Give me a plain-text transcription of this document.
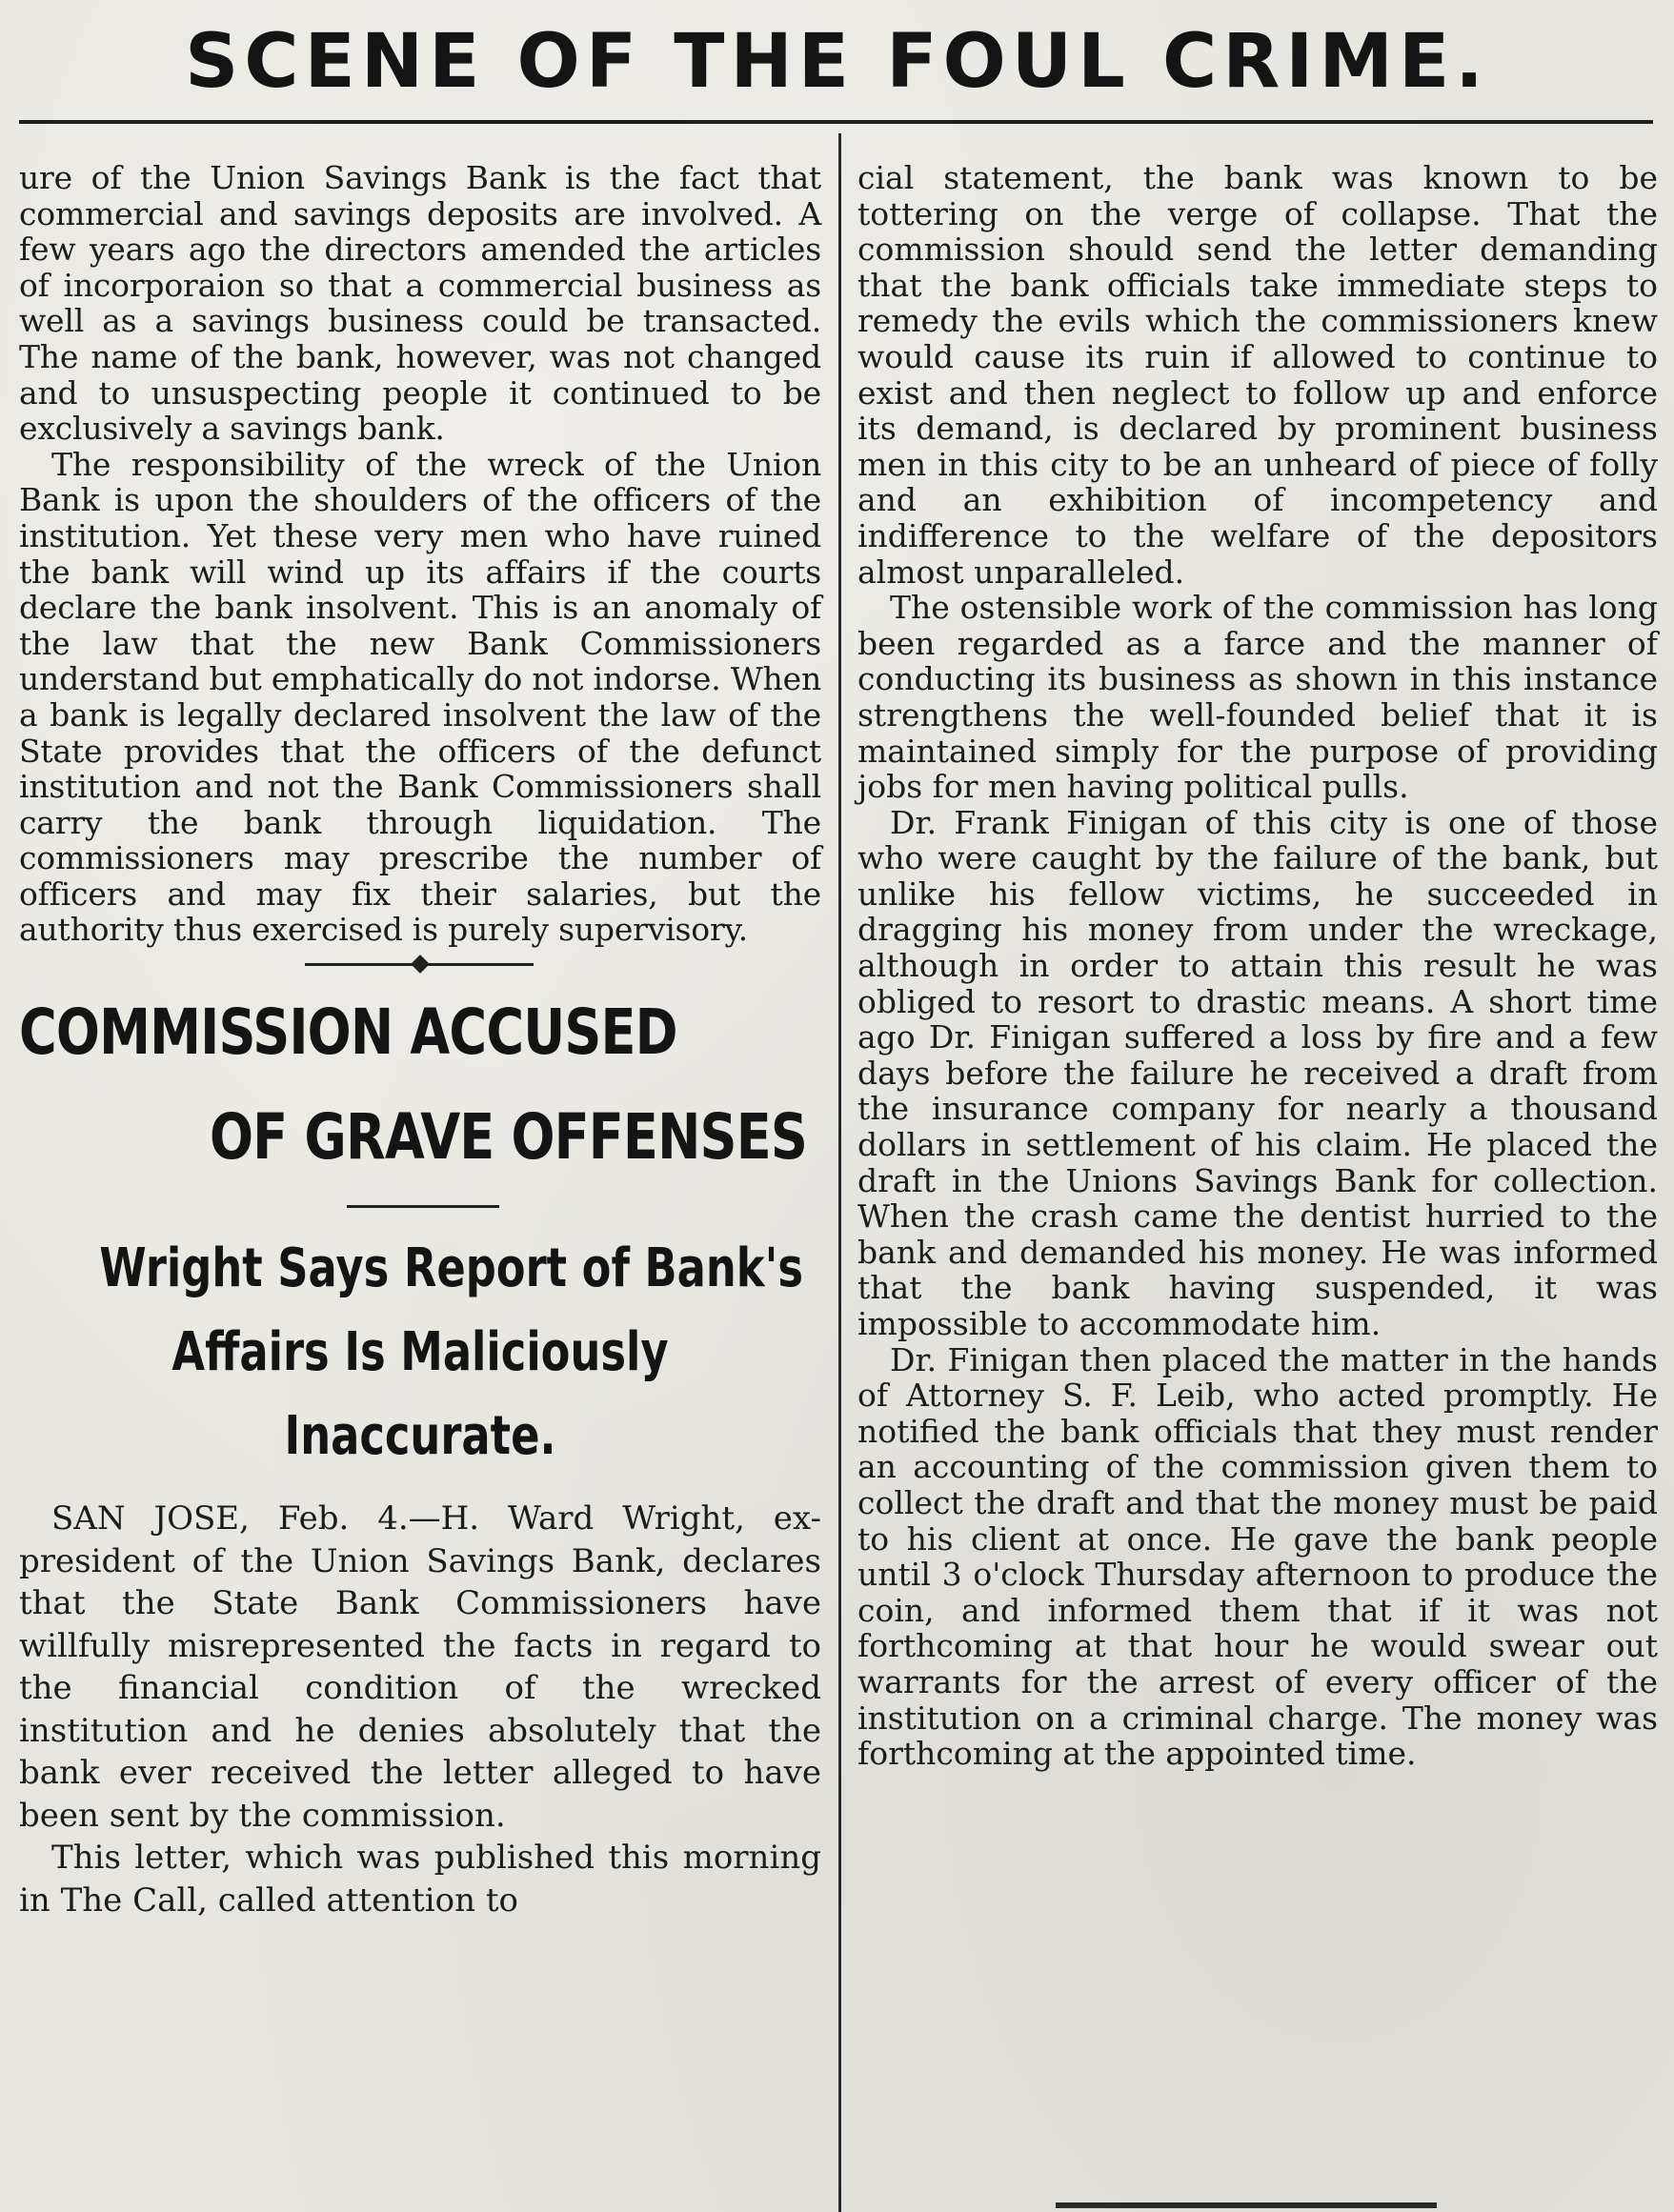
SCENE OF THE FOUL CRIME.

ure of the Union Savings Bank is the fact that commercial and savings deposits are involved. A few years ago the directors amended the articles of incorporaion so that a commercial business as well as a savings business could be transacted. The name of the bank, however, was not changed and to unsuspecting people it continued to be exclusively a savings bank.

The responsibility of the wreck of the Union Bank is upon the shoulders of the officers of the institution. Yet these very men who have ruined the bank will wind up its affairs if the courts declare the bank insolvent. This is an anomaly of the law that the new Bank Commissioners understand but emphatically do not indorse. When a bank is legally declared insolvent the law of the State provides that the officers of the defunct institution and not the Bank Commissioners shall carry the bank through liquidation. The commissioners may prescribe the number of officers and may fix their salaries, but the authority thus exercised is purely supervisory.

COMMISSION ACCUSED
OF GRAVE OFFENSES
Wright Says Report of Bank's
Affairs Is Maliciously
Inaccurate.

SAN JOSE, Feb. 4.—H. Ward Wright, ex-president of the Union Savings Bank, declares that the State Bank Commissioners have willfully misrepresented the facts in regard to the financial condition of the wrecked institution and he denies absolutely that the bank ever received the letter alleged to have been sent by the commission.

This letter, which was published this morning in The Call, called attention to

cial statement, the bank was known to be tottering on the verge of collapse. That the commission should send the letter demanding that the bank officials take immediate steps to remedy the evils which the commissioners knew would cause its ruin if allowed to continue to exist and then neglect to follow up and enforce its demand, is declared by prominent business men in this city to be an unheard of piece of folly and an exhibition of incompetency and indifference to the welfare of the depositors almost unparalleled.

The ostensible work of the commission has long been regarded as a farce and the manner of conducting its business as shown in this instance strengthens the well-founded belief that it is maintained simply for the purpose of providing jobs for men having political pulls.

Dr. Frank Finigan of this city is one of those who were caught by the failure of the bank, but unlike his fellow victims, he succeeded in dragging his money from under the wreckage, although in order to attain this result he was obliged to resort to drastic means. A short time ago Dr. Finigan suffered a loss by fire and a few days before the failure he received a draft from the insurance company for nearly a thousand dollars in settlement of his claim. He placed the draft in the Unions Savings Bank for collection. When the crash came the dentist hurried to the bank and demanded his money. He was informed that the bank having suspended, it was impossible to accommodate him.

Dr. Finigan then placed the matter in the hands of Attorney S. F. Leib, who acted promptly. He notified the bank officials that they must render an accounting of the commission given them to collect the draft and that the money must be paid to his client at once. He gave the bank people until 3 o'clock Thursday afternoon to produce the coin, and informed them that if it was not forthcoming at that hour he would swear out warrants for the arrest of every officer of the institution on a criminal charge. The money was forthcoming at the appointed time.
